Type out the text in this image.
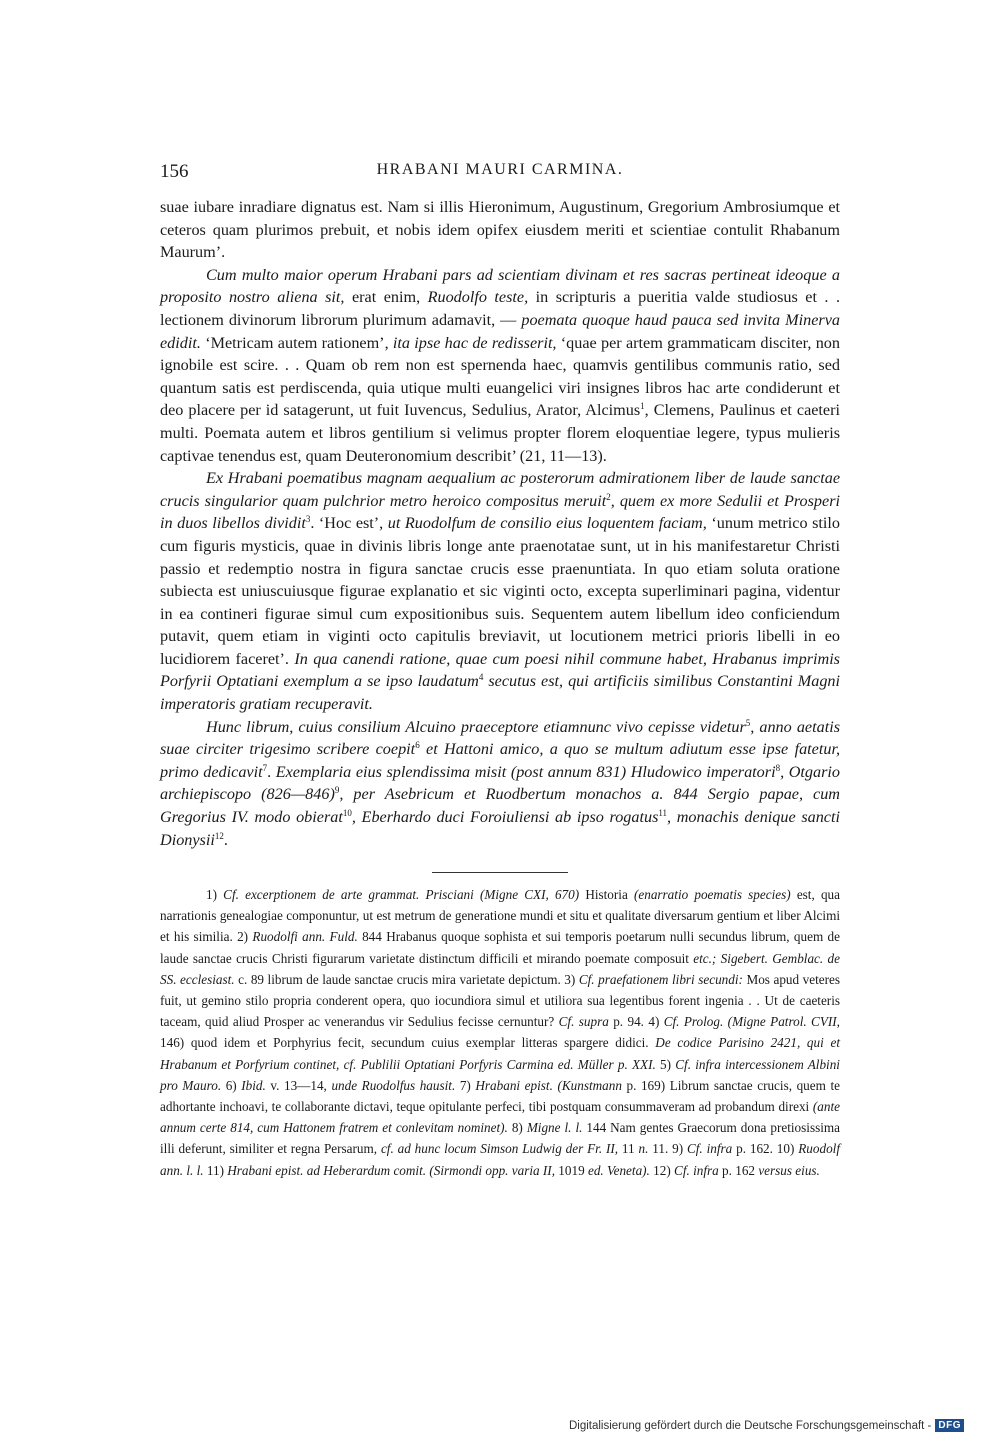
156	HRABANI MAURI CARMINA.

suae iubare inradiare dignatus est. Nam si illis Hieronimum, Augustinum, Gregorium Ambrosiumque et ceteros quam plurimos prebuit, et nobis idem opifex eiusdem meriti et scientiae contulit Rhabanum Maurum’.

Cum multo maior operum Hrabani pars ad scientiam divinam et res sacras pertineat ideoque a proposito nostro aliena sit, erat enim, Ruodolfo teste, in scripturis a pueritia valde studiosus et . . lectionem divinorum librorum plurimum adamavit, — poemata quoque haud pauca sed invita Minerva edidit. ‘Metricam autem rationem’, ita ipse hac de redisserit, ‘quae per artem grammaticam disciter, non ignobile est scire. . . Quam ob rem non est spernenda haec, quamvis gentilibus communis ratio, sed quantum satis est perdiscenda, quia utique multi euangelici viri insignes libros hac arte condiderunt et deo placere per id satagerunt, ut fuit Iuvencus, Sedulius, Arator, Alcimus$^1$, Clemens, Paulinus et caeteri multi. Poemata autem et libros gentilium si velimus propter florem eloquentiae legere, typus mulieris captivae tenendus est, quam Deuteronomium describit’ (21, 11—13).

Ex Hrabani poematibus magnam aequalium ac posterorum admirationem liber de laude sanctae crucis singularior quam pulchrior metro heroico compositus meruit$^2$, quem ex more Sedulii et Prosperi in duos libellos dividit$^3$. ‘Hoc est’, ut Ruodolfum de consilio eius loquentem faciam, ‘unum metrico stilo cum figuris mysticis, quae in divinis libris longe ante praenotatae sunt, ut in his manifestaretur Christi passio et redemptio nostra in figura sanctae crucis esse praenuntiata. In quo etiam soluta oratione subiecta est uniuscuiusque figurae explanatio et sic viginti octo, excepta superliminari pagina, videntur in ea contineri figurae simul cum expositionibus suis. Sequentem autem libellum ideo conficiendum putavit, quem etiam in viginti octo capitulis breviavit, ut locutionem metrici prioris libelli in eo lucidiorem faceret’. In qua canendi ratione, quae cum poesi nihil commune habet, Hrabanus imprimis Porfyrii Optatiani exemplum a se ipso laudatum$^4$ secutus est, qui artificiis similibus Constantini Magni imperatoris gratiam recuperavit.

Hunc librum, cuius consilium Alcuino praeceptore etiamnunc vivo cepisse videtur$^5$, anno aetatis suae circiter trigesimo scribere coepit$^6$ et Hattoni amico, a quo se multum adiutum esse ipse fatetur, primo dedicavit$^7$. Exemplaria eius splendissima misit (post annum 831) Hludowico imperatori$^8$, Otgario archiepiscopo (826—846)$^9$, per Asebricum et Ruodbertum monachos a. 844 Sergio papae, cum Gregorius IV. modo obierat$^{10}$, Eberhardo duci Foroiuliensi ab ipso rogatus$^{11}$, monachis denique sancti Dionysii$^{12}$.

1) Cf. excerptionem de arte grammat. Prisciani (Migne CXI, 670) Historia (enarratio poematis species) est, qua narrationis genealogiae componuntur, ut est metrum de generatione mundi et situ et qualitate diversarum gentium et liber Alcimi et his similia. 2) Ruodolfi ann. Fuld. 844 Hrabanus quoque sophista et sui temporis poetarum nulli secundus librum, quem de laude sanctae crucis Christi figurarum varietate distinctum difficili et mirando poemate composuit etc.; Sigebert. Gemblac. de SS. ecclesiast. c. 89 librum de laude sanctae crucis mira varietate depictum. 3) Cf. praefationem libri secundi: Mos apud veteres fuit, ut gemino stilo propria conderent opera, quo iocundiora simul et utiliora sua legentibus forent ingenia . . Ut de caeteris taceam, quid aliud Prosper ac venerandus vir Sedulius fecisse cernuntur? Cf. supra p. 94. 4) Cf. Prolog. (Migne Patrol. CVII, 146) quod idem et Porphyrius fecit, secundum cuius exemplar litteras spargere didici. De codice Parisino 2421, qui et Hrabanum et Porfyrium continet, cf. Publilii Optatiani Porfyris Carmina ed. Müller p. XXI. 5) Cf. infra intercessionem Albini pro Mauro. 6) Ibid. v. 13—14, unde Ruodolfus hausit. 7) Hrabani epist. (Kunstmann p. 169) Librum sanctae crucis, quem te adhortante inchoavi, te collaborante dictavi, teque opitulante perfeci, tibi postquam consummaveram ad probandum direxi (ante annum certe 814, cum Hattonem fratrem et conlevitam nominet). 8) Migne l. l. 144 Nam gentes Graecorum dona pretiosissima illi deferunt, similiter et regna Persarum, cf. ad hunc locum Simson Ludwig der Fr. II, 11 n. 11. 9) Cf. infra p. 162. 10) Ruodolf ann. l. l. 11) Hrabani epist. ad Heberardum comit. (Sirmondi opp. varia II, 1019 ed. Veneta). 12) Cf. infra p. 162 versus eius.

Digitalisierung gefördert durch die Deutsche Forschungsgemeinschaft - DFG
